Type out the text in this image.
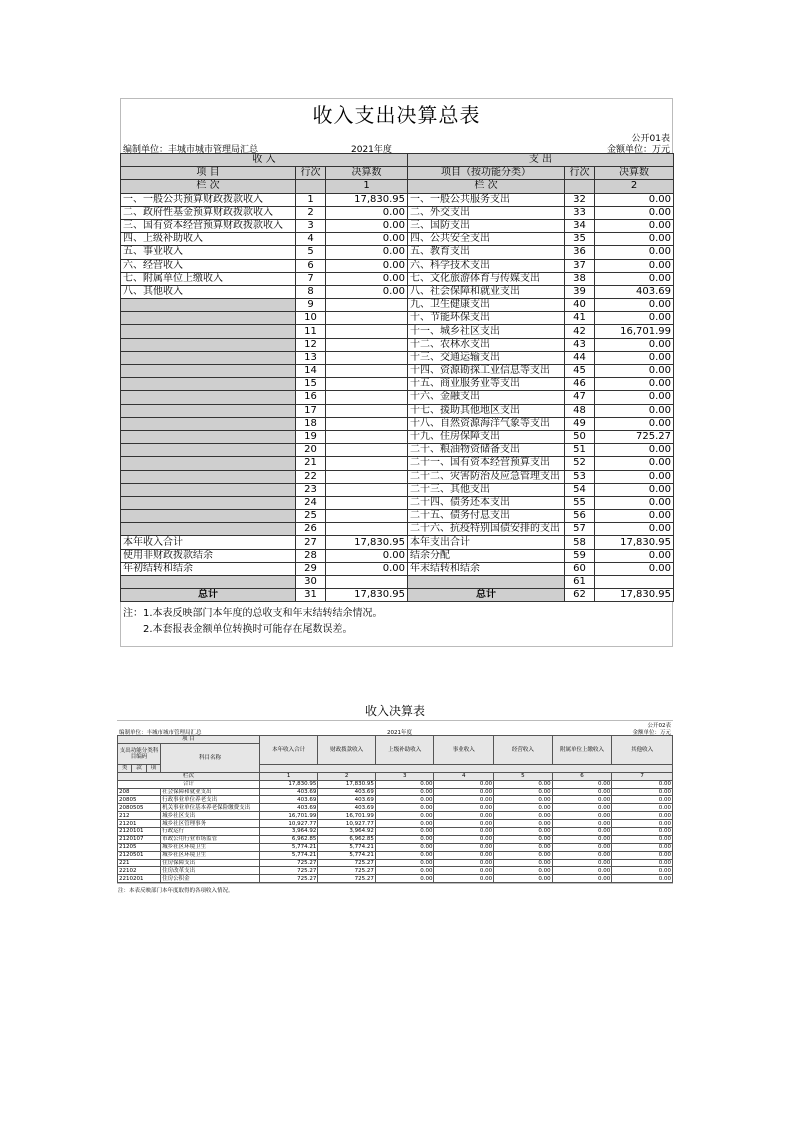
收入支出决算总表
公开01表
编制单位：丰城市城市管理局汇总	2021年度	金额单位：万元
收 入			支 出		
项 目	行次	决算数	项目（按功能分类）	行次	决算数
栏 次		1	栏 次		2
一、一般公共预算财政拨款收入	1	17,830.95	一、一般公共服务支出	32	0.00
二、政府性基金预算财政拨款收入	2	0.00	二、外交支出	33	0.00
三、国有资本经营预算财政拨款收入	3	0.00	三、国防支出	34	0.00
四、上级补助收入	4	0.00	四、公共安全支出	35	0.00
五、事业收入	5	0.00	五、教育支出	36	0.00
六、经营收入	6	0.00	六、科学技术支出	37	0.00
七、附属单位上缴收入	7	0.00	七、文化旅游体育与传媒支出	38	0.00
八、其他收入	8	0.00	八、社会保障和就业支出	39	403.69
	9		九、卫生健康支出	40	0.00
	10		十、节能环保支出	41	0.00
	11		十一、城乡社区支出	42	16,701.99
	12		十二、农林水支出	43	0.00
	13		十三、交通运输支出	44	0.00
	14		十四、资源勘探工业信息等支出	45	0.00
	15		十五、商业服务业等支出	46	0.00
	16		十六、金融支出	47	0.00
	17		十七、援助其他地区支出	48	0.00
	18		十八、自然资源海洋气象等支出	49	0.00
	19		十九、住房保障支出	50	725.27
	20		二十、粮油物资储备支出	51	0.00
	21		二十一、国有资本经营预算支出	52	0.00
	22		二十二、灾害防治及应急管理支出	53	0.00
	23		二十三、其他支出	54	0.00
	24		二十四、债务还本支出	55	0.00
	25		二十五、债务付息支出	56	0.00
	26		二十六、抗疫特别国债安排的支出	57	0.00
本年收入合计	27	17,830.95	本年支出合计	58	17,830.95
使用非财政拨款结余	28	0.00	结余分配	59	0.00
年初结转和结余	29	0.00	年末结转和结余	60	0.00
	30			61	
总计	31	17,830.95	总计	62	17,830.95
注：1.本表反映部门本年度的总收支和年末结转结余情况。
2.本套报表金额单位转换时可能存在尾数误差。
收入决算表
公开02表
编制单位：丰城市城市管理局汇总	2021年度	金额单位：万元
项 目				本年收入合计	财政拨款收入	上级补助收入	事业收入	经营收入	附属单位上缴收入	其他收入
支出功能分类科目编码			科目名称							
类	款	项								
栏次				1	2	3	4	5	6	7
合计				17,830.95	17,830.95	0.00	0.00	0.00	0.00	0.00
208			社会保障和就业支出	403.69	403.69	0.00	0.00	0.00	0.00	0.00
20805			行政事业单位养老支出	403.69	403.69	0.00	0.00	0.00	0.00	0.00
2080505			机关事业单位基本养老保险缴费支出	403.69	403.69	0.00	0.00	0.00	0.00	0.00
212			城乡社区支出	16,701.99	16,701.99	0.00	0.00	0.00	0.00	0.00
21201			城乡社区管理事务	10,927.77	10,927.77	0.00	0.00	0.00	0.00	0.00
2120101			行政运行	3,964.92	3,964.92	0.00	0.00	0.00	0.00	0.00
2120107			市政公用行业市场监管	6,962.85	6,962.85	0.00	0.00	0.00	0.00	0.00
21205			城乡社区环境卫生	5,774.21	5,774.21	0.00	0.00	0.00	0.00	0.00
2120501			城乡社区环境卫生	5,774.21	5,774.21	0.00	0.00	0.00	0.00	0.00
221			住房保障支出	725.27	725.27	0.00	0.00	0.00	0.00	0.00
22102			住房改革支出	725.27	725.27	0.00	0.00	0.00	0.00	0.00
2210201			住房公积金	725.27	725.27	0.00	0.00	0.00	0.00	0.00
注：本表反映部门本年度取得的各项收入情况。
